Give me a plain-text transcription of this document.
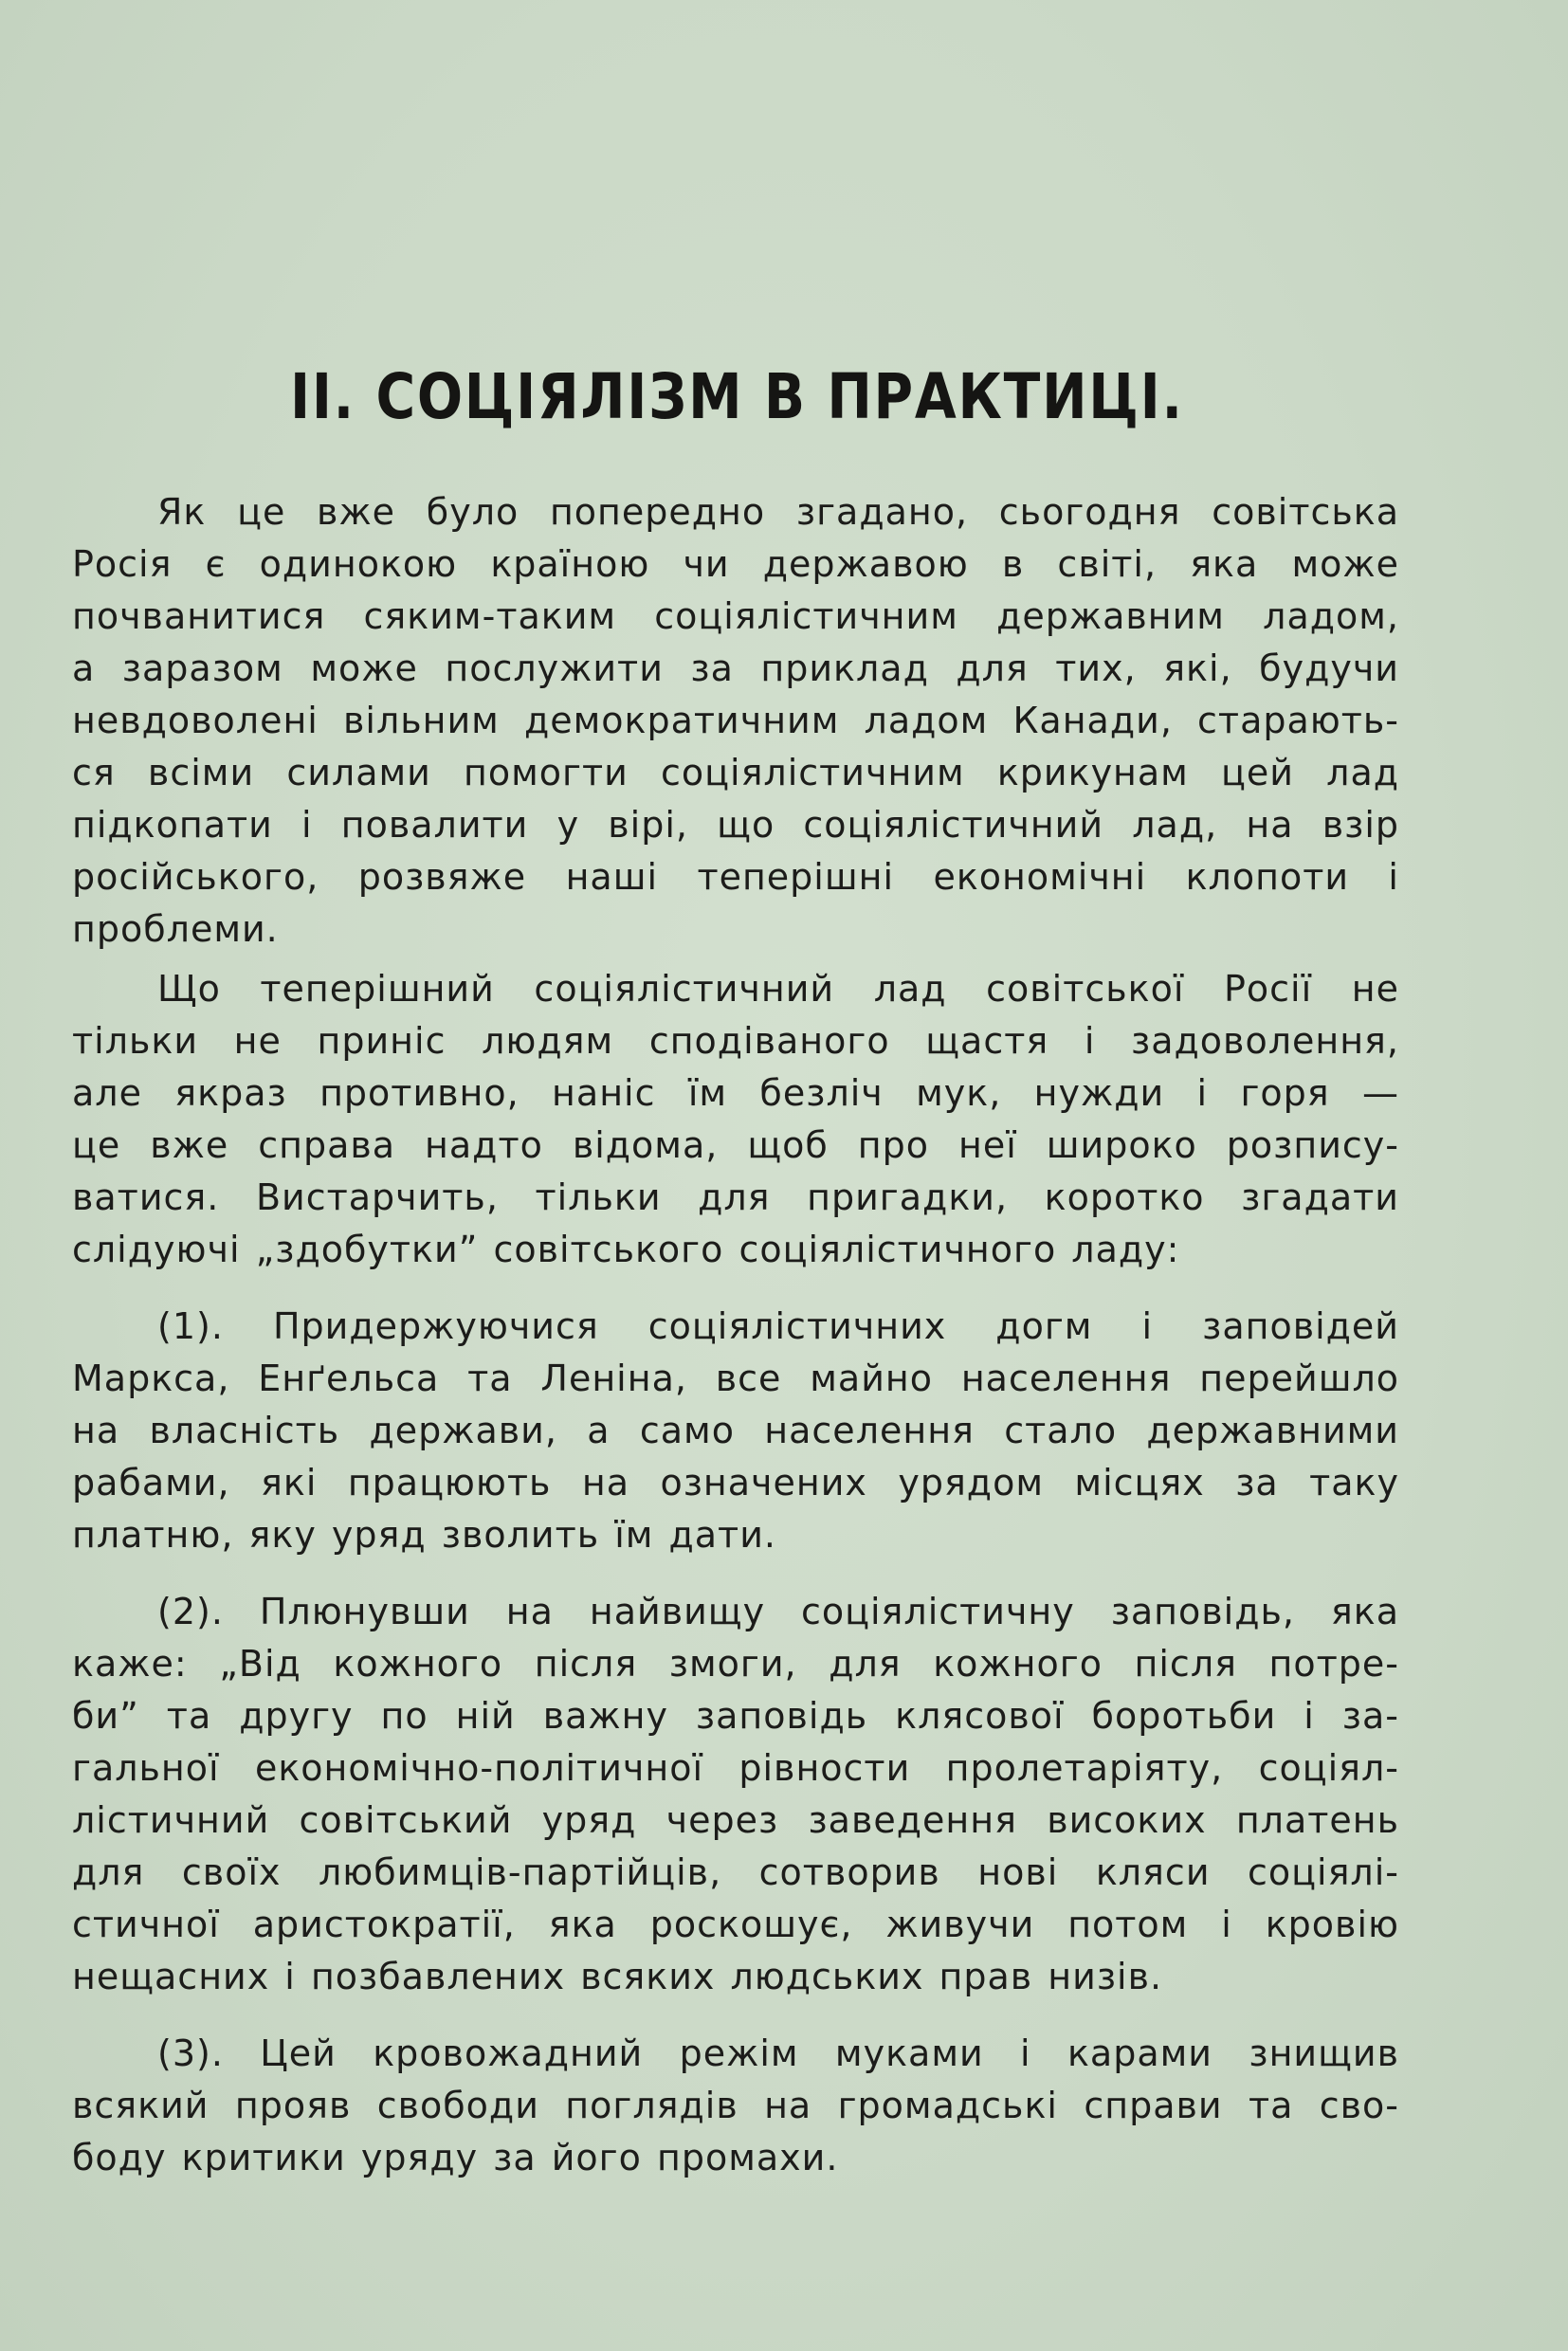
ІІ. СОЦІЯЛІЗМ В ПРАКТИЦІ.

Як це вже було попередно згадано, сьогодня совітська
Росія є одинокою країною чи державою в світі, яка може
почванитися сяким-таким соціялістичним державним ладом,
а заразом може послужити за приклад для тих, які, будучи
невдоволені вільним демократичним ладом Канади, старають-
ся всіми силами помогти соціялістичним крикунам цей лад
підкопати і повалити у вірі, що соціялістичний лад, на взір
російського, розвяже наші теперішні економічні клопоти і
проблеми.

Що теперішний соціялістичний лад совітської Росії не
тільки не приніс людям сподіваного щастя і задоволення,
але якраз противно, наніс їм безліч мук, нужди і горя —
це вже справа надто відома, щоб про неї широко розпису-
ватися. Вистарчить, тільки для пригадки, коротко згадати
слідуючі „здобутки” совітського соціялістичного ладу:

(1). Придержуючися соціялістичних догм і заповідей
Маркса, Енґельса та Леніна, все майно населення перейшло
на власність держави, а само населення стало державними
рабами, які працюють на означених урядом місцях за таку
платню, яку уряд зволить їм дати.

(2). Плюнувши на найвищу соціялістичну заповідь, яка
каже: „Від кожного після змоги, для кожного після потре-
би” та другу по ній важну заповідь клясової боротьби і за-
гальної економічно-політичної рівности пролетаріяту, соціял-
лістичний совітський уряд через заведення високих платень
для своїх любимців-партійців, сотворив нові кляси соціялі-
стичної аристократії, яка роскошує, живучи потом і кровію
нещасних і позбавлених всяких людських прав низів.

(3). Цей кровожадний режім муками і карами знищив
всякий прояв свободи поглядів на громадські справи та сво-
боду критики уряду за його промахи.
